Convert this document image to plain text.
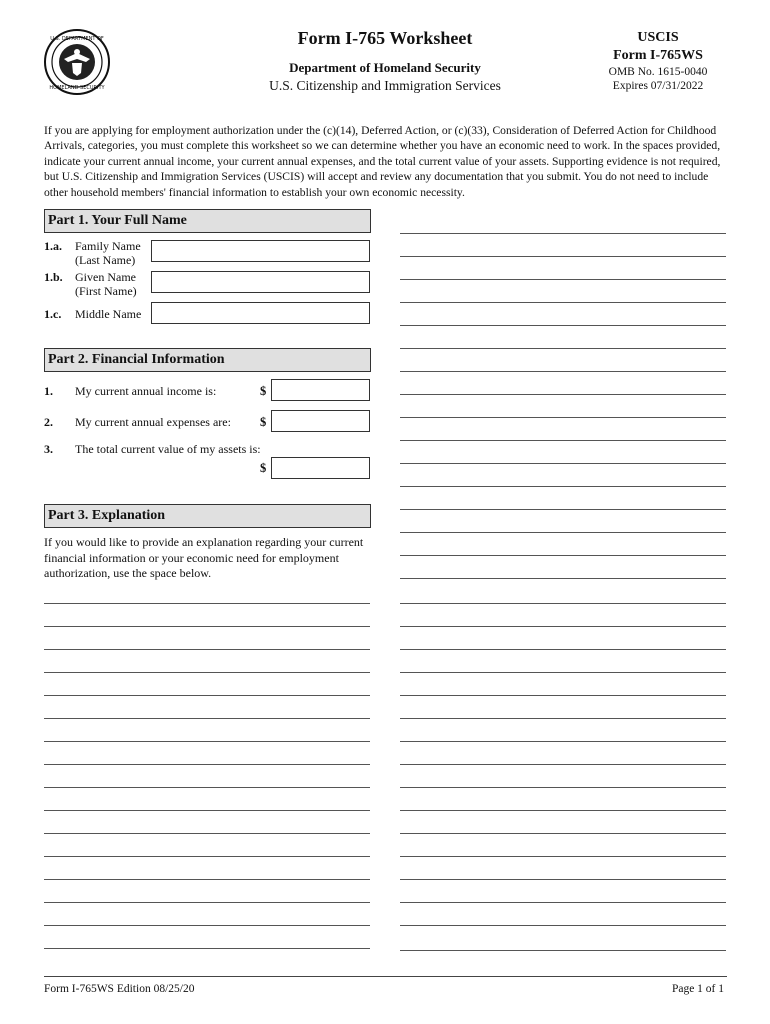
U.S. DEPARTMENT OF
HOMELAND SECURITY
Form I-765 Worksheet
Department of Homeland Security
U.S. Citizenship and Immigration Services
USCIS
Form I-765WS
OMB No. 1615-0040
Expires 07/31/2022
If you are applying for employment authorization under the (c)(14), Deferred Action, or (c)(33), Consideration of Deferred Action for Childhood Arrivals, categories, you must complete this worksheet so we can determine whether you have an economic need to work. In the spaces provided, indicate your current annual income, your current annual expenses, and the total current value of your assets. Supporting evidence is not required, but U.S. Citizenship and Immigration Services (USCIS) will accept and review any documentation that you submit. You do not need to include other household members' financial information to establish your own economic necessity.
Part 1. Your Full Name
1.a. Family Name
(Last Name)
1.b. Given Name
(First Name)
1.c. Middle Name
Part 2. Financial Information
1. My current annual income is:	$
2. My current annual expenses are: $
3. The total current value of my assets is:
$
Part 3. Explanation
If you would like to provide an explanation regarding your current financial information or your economic need for employment authorization, use the space below.
Form I-765WS Edition 08/25/20	Page 1 of 1
